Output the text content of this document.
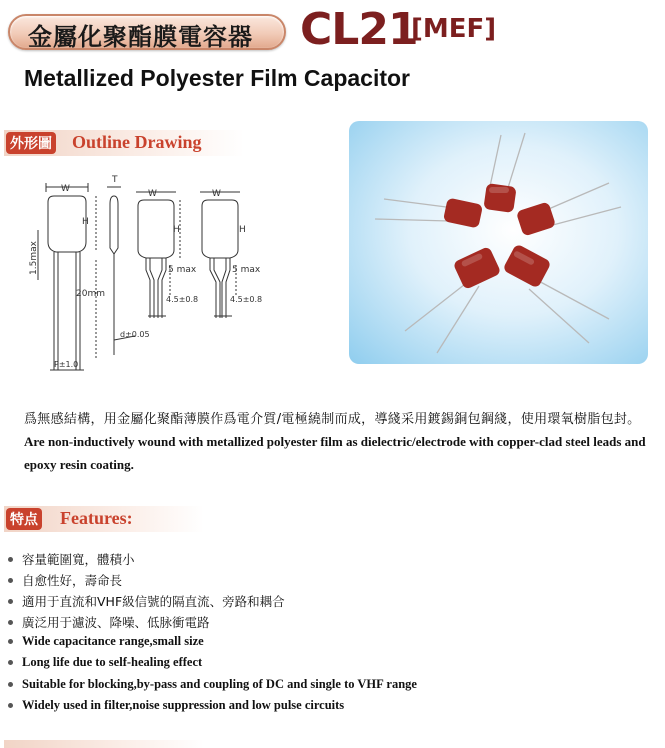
金屬化聚酯膜電容器 CL21
[MEF]
Metallized Polyester Film Capacitor
外形圖 Outline Drawing
W
T
W	W
H
H	H
1.5max
20mm
P±1.0
d±0.05
5 max	5 max
4.5±0.8	4.5±0.8
爲無感結構，用金屬化聚酯薄膜作爲電介質/電極繞制而成，導綫采用鍍錫銅包鋼綫，使用環氧樹脂包封。
Are non-inductively wound with metallized polyester film as dielectric/electrode with copper-clad steel leads and epoxy resin coating.
特点 Features:
容量範圍寬，體積小
自愈性好，壽命長
適用于直流和VHF級信號的隔直流、旁路和耦合
廣泛用于濾波、降噪、低脉衝電路
Wide capacitance range,small size
Long life due to self-healing effect
Suitable for blocking,by-pass and coupling of DC and single to VHF range
Widely used in filter,noise suppression and low pulse circuits
